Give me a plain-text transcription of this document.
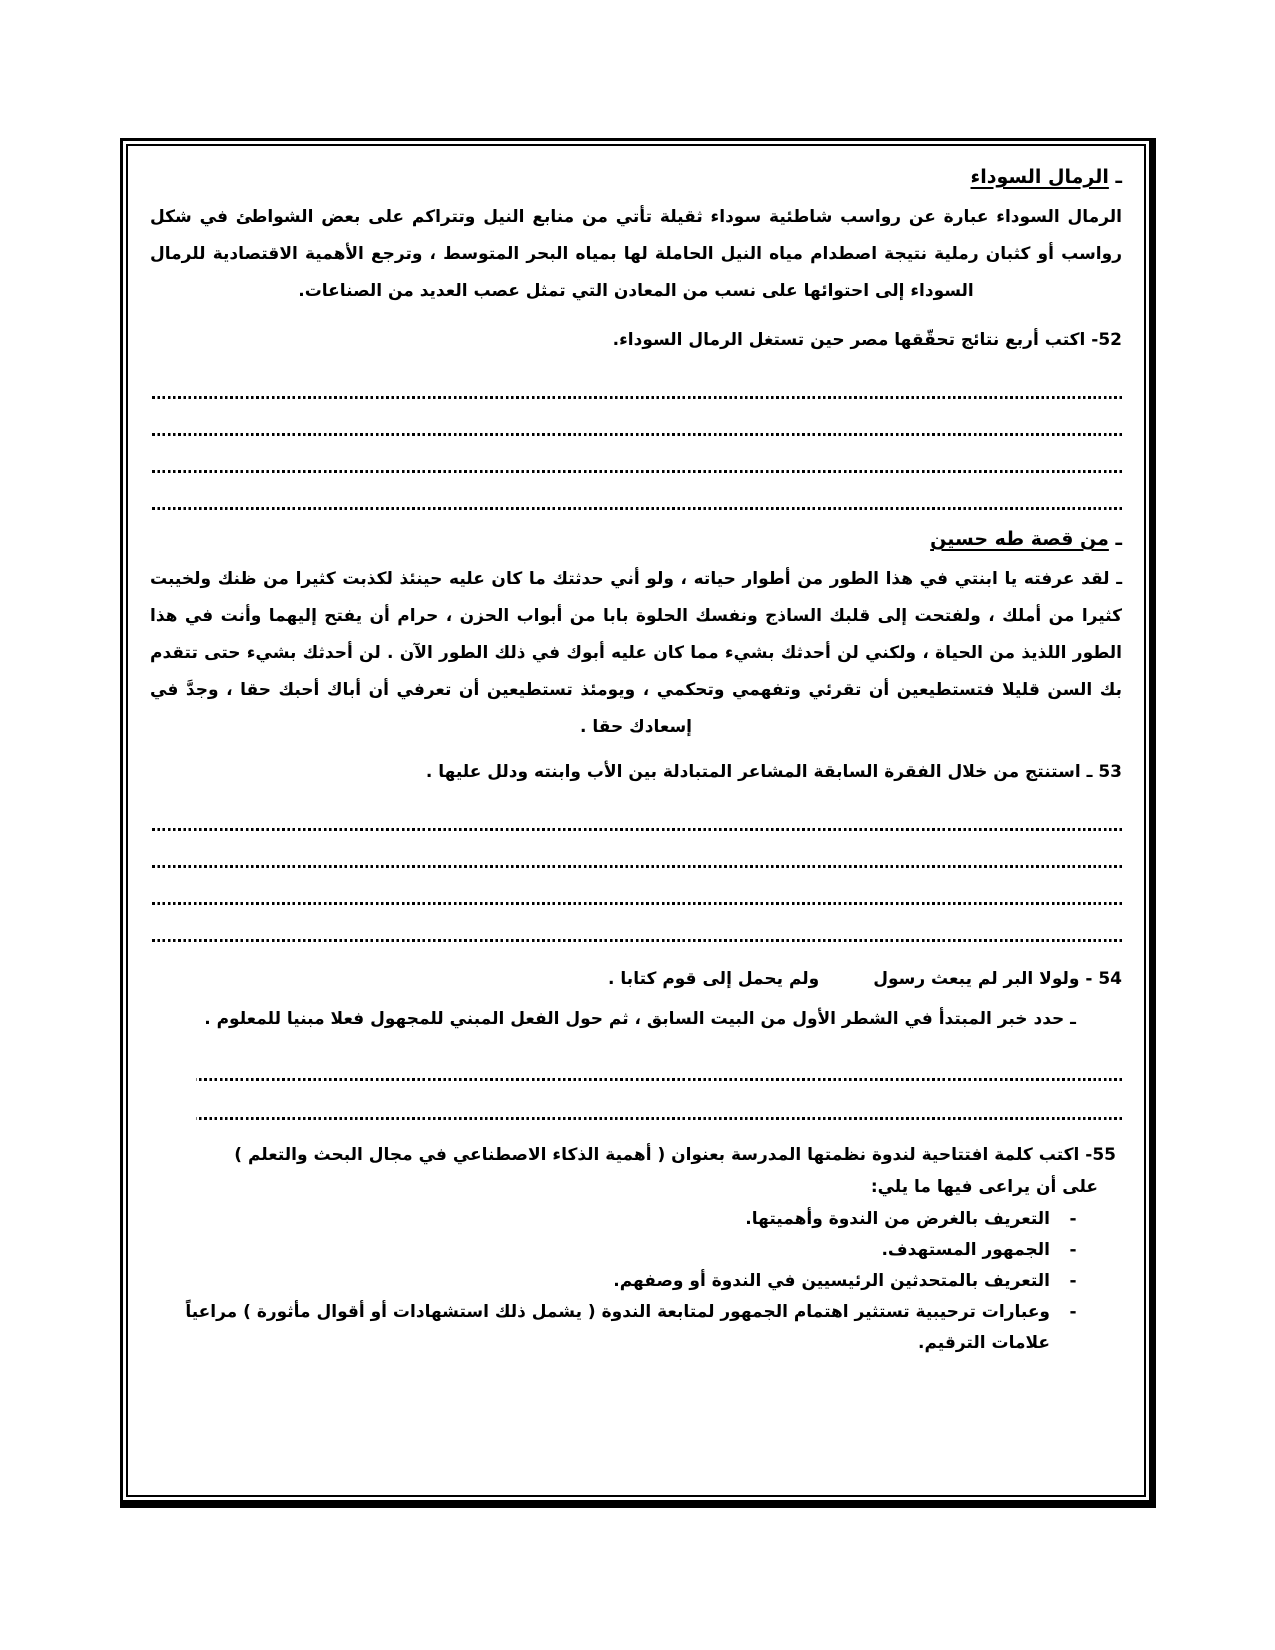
ـ الرمال السوداء

الرمال السوداء عبارة عن رواسب شاطئية سوداء ثقيلة تأتي من منابع النيل وتتراكم على بعض الشواطئ في شكل رواسب أو كثبان رملية نتيجة اصطدام مياه النيل الحاملة لها بمياه البحر المتوسط ، وترجع الأهمية الاقتصادية للرمال السوداء إلى احتوائها على نسب من المعادن التي تمثل عصب العديد من الصناعات.

52- اكتب أربع نتائج تحقّقها مصر حين تستغل الرمال السوداء.
ـ من قصة طه حسين

ـ لقد عرفته يا ابنتي في هذا الطور من أطوار حياته ، ولو أني حدثتك ما كان عليه حينئذ لكذبت كثيرا من ظنك ولخيبت كثيرا من أملك ، ولفتحت إلى قلبك الساذج ونفسك الحلوة بابا من أبواب الحزن ، حرام أن يفتح إليهما وأنت في هذا الطور اللذيذ من الحياة ، ولكني لن أحدثك بشيء مما كان عليه أبوك في ذلك الطور الآن . لن أحدثك بشيء حتى تتقدم بك السن قليلا فتستطيعين أن تقرئي وتفهمي وتحكمي ، ويومئذ تستطيعين أن تعرفي أن أباك أحبك حقا ، وجدَّ في إسعادك حقا .

53 ـ استنتج من خلال الفقرة السابقة المشاعر المتبادلة بين الأب وابنته ودلل عليها .
54 - ولولا البر لم يبعث رسول
ولم يحمل إلى قوم كتابا .
ـ حدد خبر المبتدأ في الشطر الأول من البيت السابق ، ثم حول الفعل المبني للمجهول فعلا مبنيا للمعلوم .
55- اكتب كلمة افتتاحية لندوة نظمتها المدرسة بعنوان ( أهمية الذكاء الاصطناعي في مجال البحث والتعلم )
على أن يراعى فيها ما يلي:
-
التعريف بالغرض من الندوة وأهميتها.
-
الجمهور المستهدف.
-
التعريف بالمتحدثين الرئيسيين في الندوة أو وصفهم.
-
وعبارات ترحيبية تستثير اهتمام الجمهور لمتابعة الندوة ( يشمل ذلك استشهادات أو أقوال مأثورة ) مراعياً علامات الترقيم.
